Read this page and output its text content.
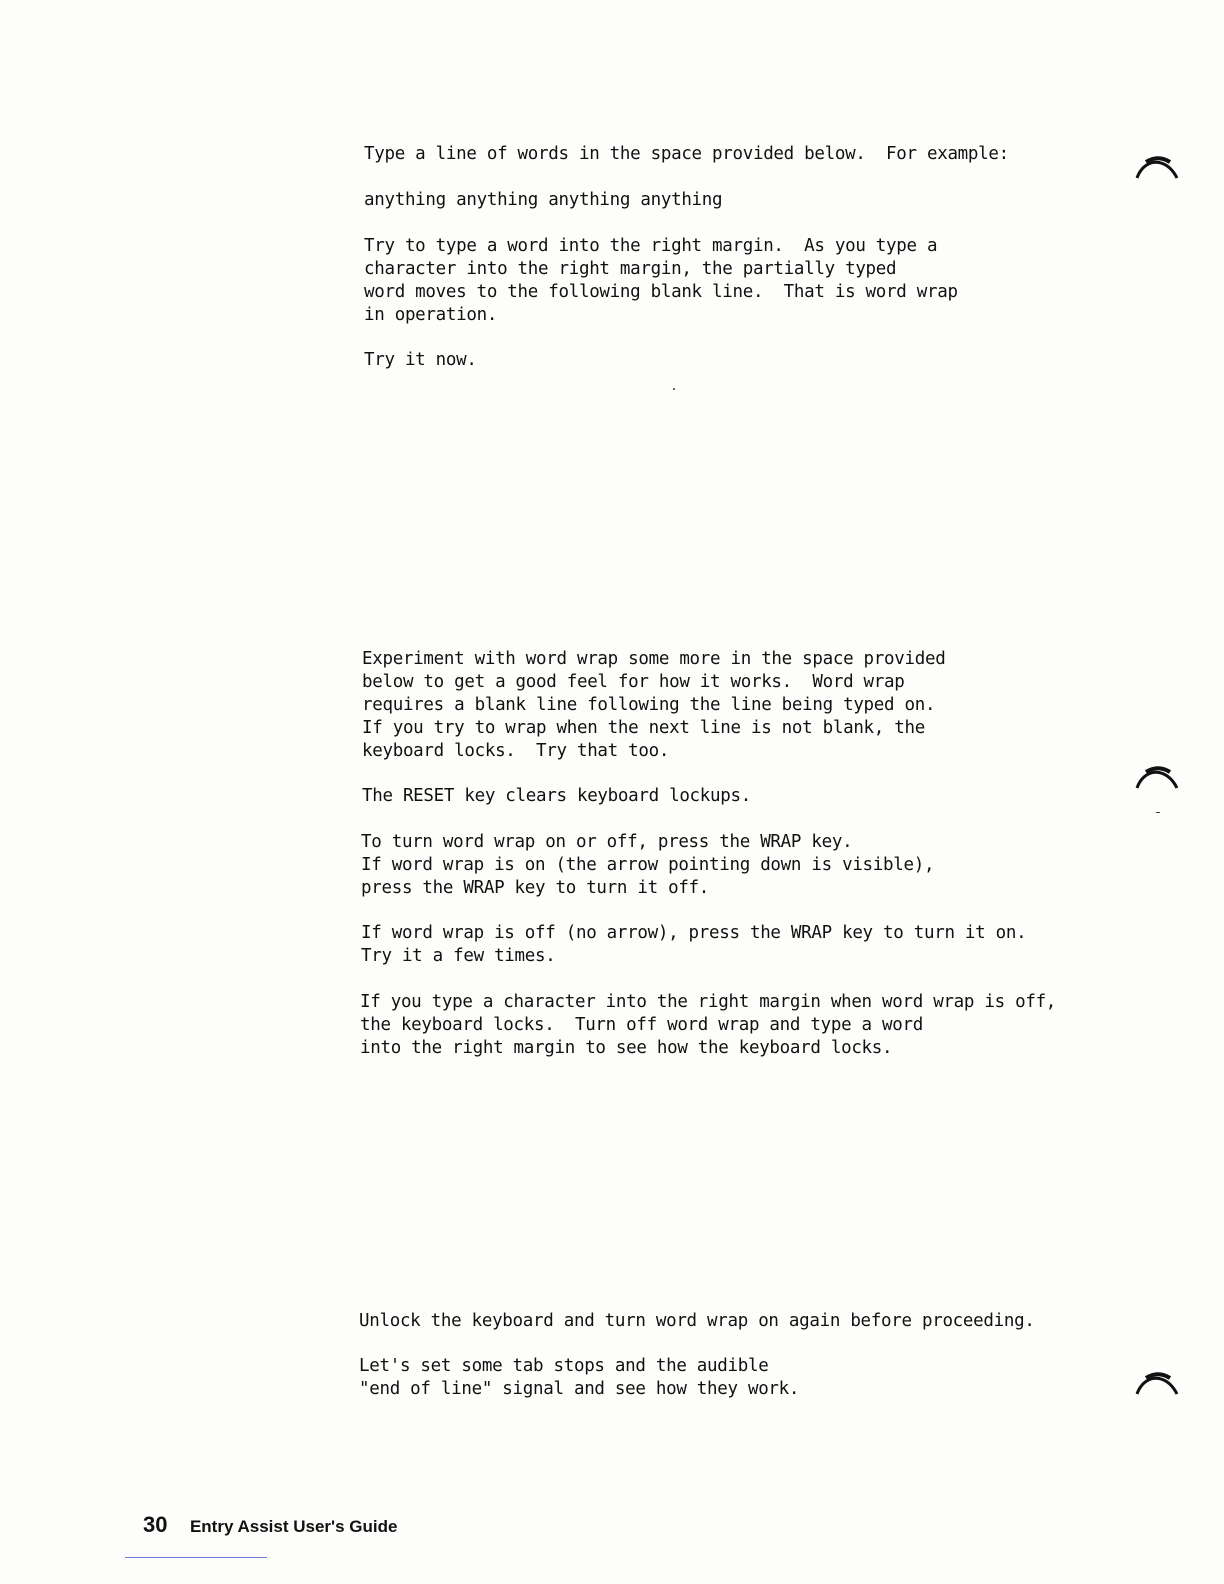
Type a line of words in the space provided below.  For example:
anything anything anything anything
Try to type a word into the right margin.  As you type a
character into the right margin, the partially typed
word moves to the following blank line.  That is word wrap
in operation.
Try it now.
Experiment with word wrap some more in the space provided
below to get a good feel for how it works.  Word wrap
requires a blank line following the line being typed on.
If you try to wrap when the next line is not blank, the
keyboard locks.  Try that too.
The RESET key clears keyboard lockups.
To turn word wrap on or off, press the WRAP key.
If word wrap is on (the arrow pointing down is visible),
press the WRAP key to turn it off.
If word wrap is off (no arrow), press the WRAP key to turn it on.
Try it a few times.
If you type a character into the right margin when word wrap is off,
the keyboard locks.  Turn off word wrap and type a word
into the right margin to see how the keyboard locks.
Unlock the keyboard and turn word wrap on again before proceeding.
Let's set some tab stops and the audible
"end of line" signal and see how they work.
30 Entry Assist User's Guide
